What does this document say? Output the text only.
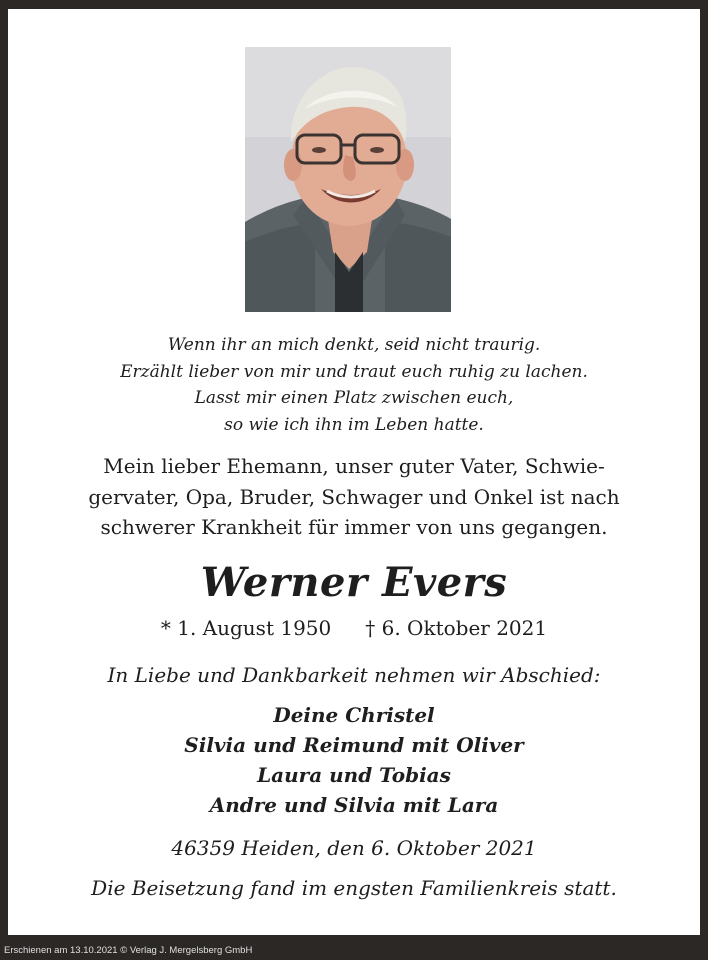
Wenn ihr an mich denkt, seid nicht traurig.
Erzählt lieber von mir und traut euch ruhig zu lachen.
Lasst mir einen Platz zwischen euch,
so wie ich ihn im Leben hatte.
Mein lieber Ehemann, unser guter Vater, Schwie-
gervater, Opa, Bruder, Schwager und Onkel ist nach
schwerer Krankheit für immer von uns gegangen.
Werner Evers
* 1. August 1950 † 6. Oktober 2021
In Liebe und Dankbarkeit nehmen wir Abschied:
Deine Christel
Silvia und Reimund mit Oliver
Laura und Tobias
Andre und Silvia mit Lara
46359 Heiden, den 6. Oktober 2021
Die Beisetzung fand im engsten Familienkreis statt.
Erschienen am 13.10.2021 © Verlag J. Mergelsberg GmbH
